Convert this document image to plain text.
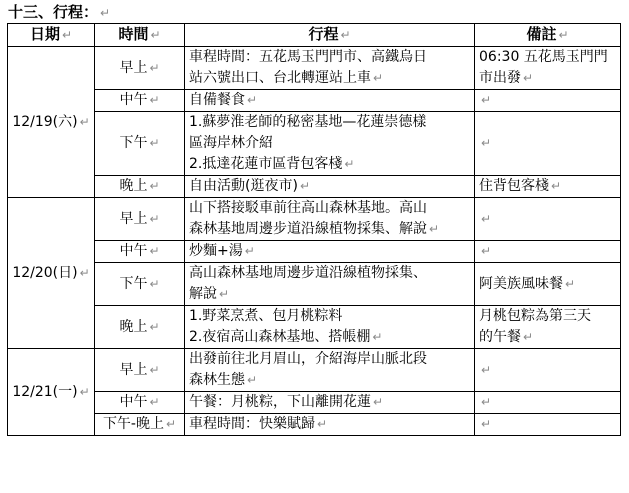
十三、行程： ↵
日期 ↵	時間 ↵	行程 ↵	備註 ↵
12/19(六) ↵	早上 ↵	車程時間：五花馬玉門門市、高鐵烏日
站六號出口、台北轉運站上車 ↵	06:30 五花馬玉門門
市出發 ↵

	中午 ↵	自備餐食 ↵	↵
	下午 ↵	1.蘇夢淮老師的秘密基地—花蓮崇德樣
區海岸林介紹
2.抵達花蓮市區背包客棧 ↵	↵
	晚上 ↵	自由活動(逛夜市) ↵	住背包客棧 ↵

12/20(日) ↵	早上 ↵	山下搭接駁車前往高山森林基地。高山
森林基地周邊步道沿線植物採集、解說 ↵	↵
	中午 ↵	炒麵+湯 ↵	↵
	下午 ↵	高山森林基地周邊步道沿線植物採集、
解說 ↵	阿美族風味餐 ↵

	晚上 ↵	1.野菜烹煮、包月桃粽料
2.夜宿高山森林基地、搭帳棚 ↵	月桃包粽為第三天
的午餐 ↵

12/21(一) ↵	早上 ↵	出發前往北月眉山，介紹海岸山脈北段
森林生態 ↵	↵
	中午 ↵	午餐：月桃粽，下山離開花蓮 ↵	↵
	下午-晚上 ↵	車程時間：快樂賦歸 ↵	↵
